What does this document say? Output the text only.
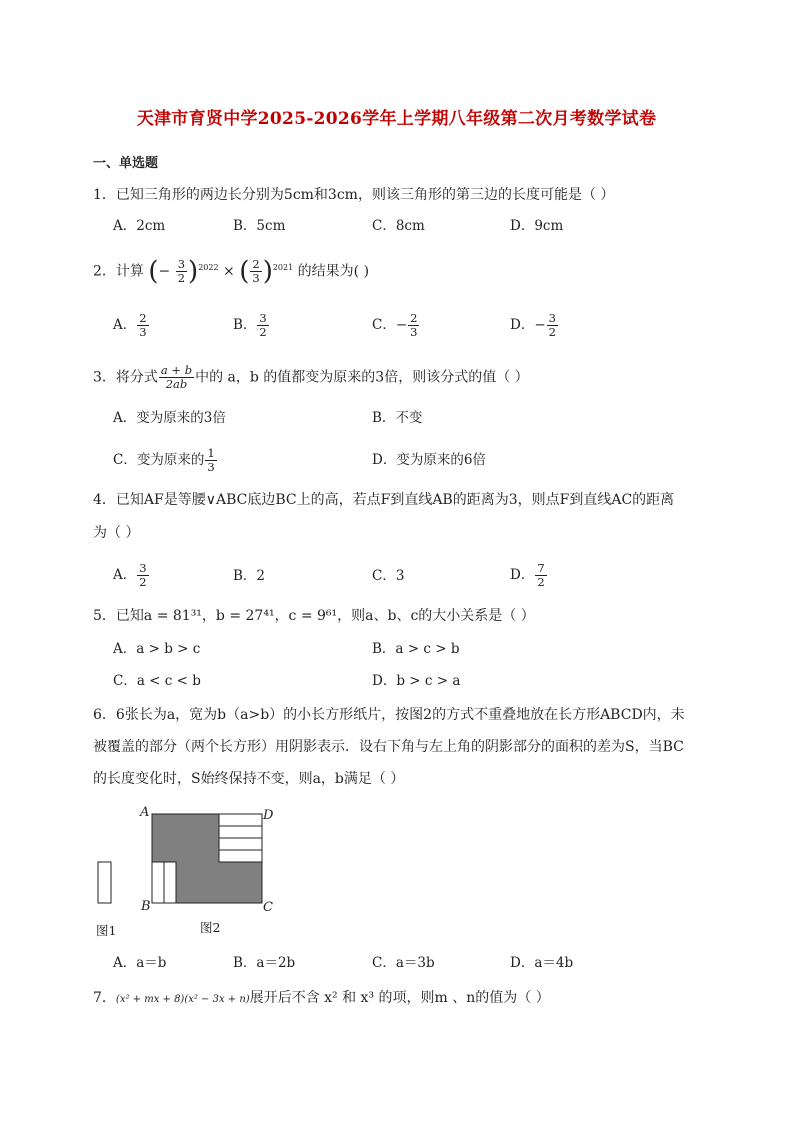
天津市育贤中学2025-2026学年上学期八年级第二次月考数学试卷
一、单选题
1．已知三角形的两边长分别为5cm和3cm，则该三角形的第三边的长度可能是（ ）
A．2cm	B．5cm	C．8cm	D．9cm
2．计算 (− $\frac{3}{2} )^{2022}$ × ( $\frac{2}{3} )^{2021}$ 的结果为( )
A． $\frac{2}{3}$	B． $\frac{3}{2}$	C．− $\frac{2}{3}$	D．− $\frac{3}{2}$
3．将分式 $\frac{a + b}{2ab}$ 中的 a，b 的值都变为原来的3倍，则该分式的值（ ）
A．变为原来的3倍	B．不变
C．变为原来的 $\frac{1}{3}$	D．变为原来的6倍
4．已知AF是等腰∨ABC底边BC上的高，若点F到直线AB的距离为3，则点F到直线AC的距离
为（ ）
A． $\frac{3}{2}$	B．2	C．3	D． $\frac{7}{2}$
5．已知a = 81³¹，b = 27⁴¹，c = 9⁶¹，则a、b、c的大小关系是（ ）
A．a > b > c	B．a > c > b
C．a < c < b	D．b > c > a
6．6张长为a，宽为b（a>b）的小长方形纸片，按图2的方式不重叠地放在长方形ABCD内，未
被覆盖的部分（两个长方形）用阴影表示．设右下角与左上角的阴影部分的面积的差为S，当BC
的长度变化时，S始终保持不变，则a，b满足（ ）
A	D
B	C
图1	图2
A．a＝b	B．a＝2b	C．a＝3b	D．a＝4b
7．(x² + mx + 8)(x² − 3x + n)展开后不含 x² 和 x³ 的项，则m 、n的值为（ ）
